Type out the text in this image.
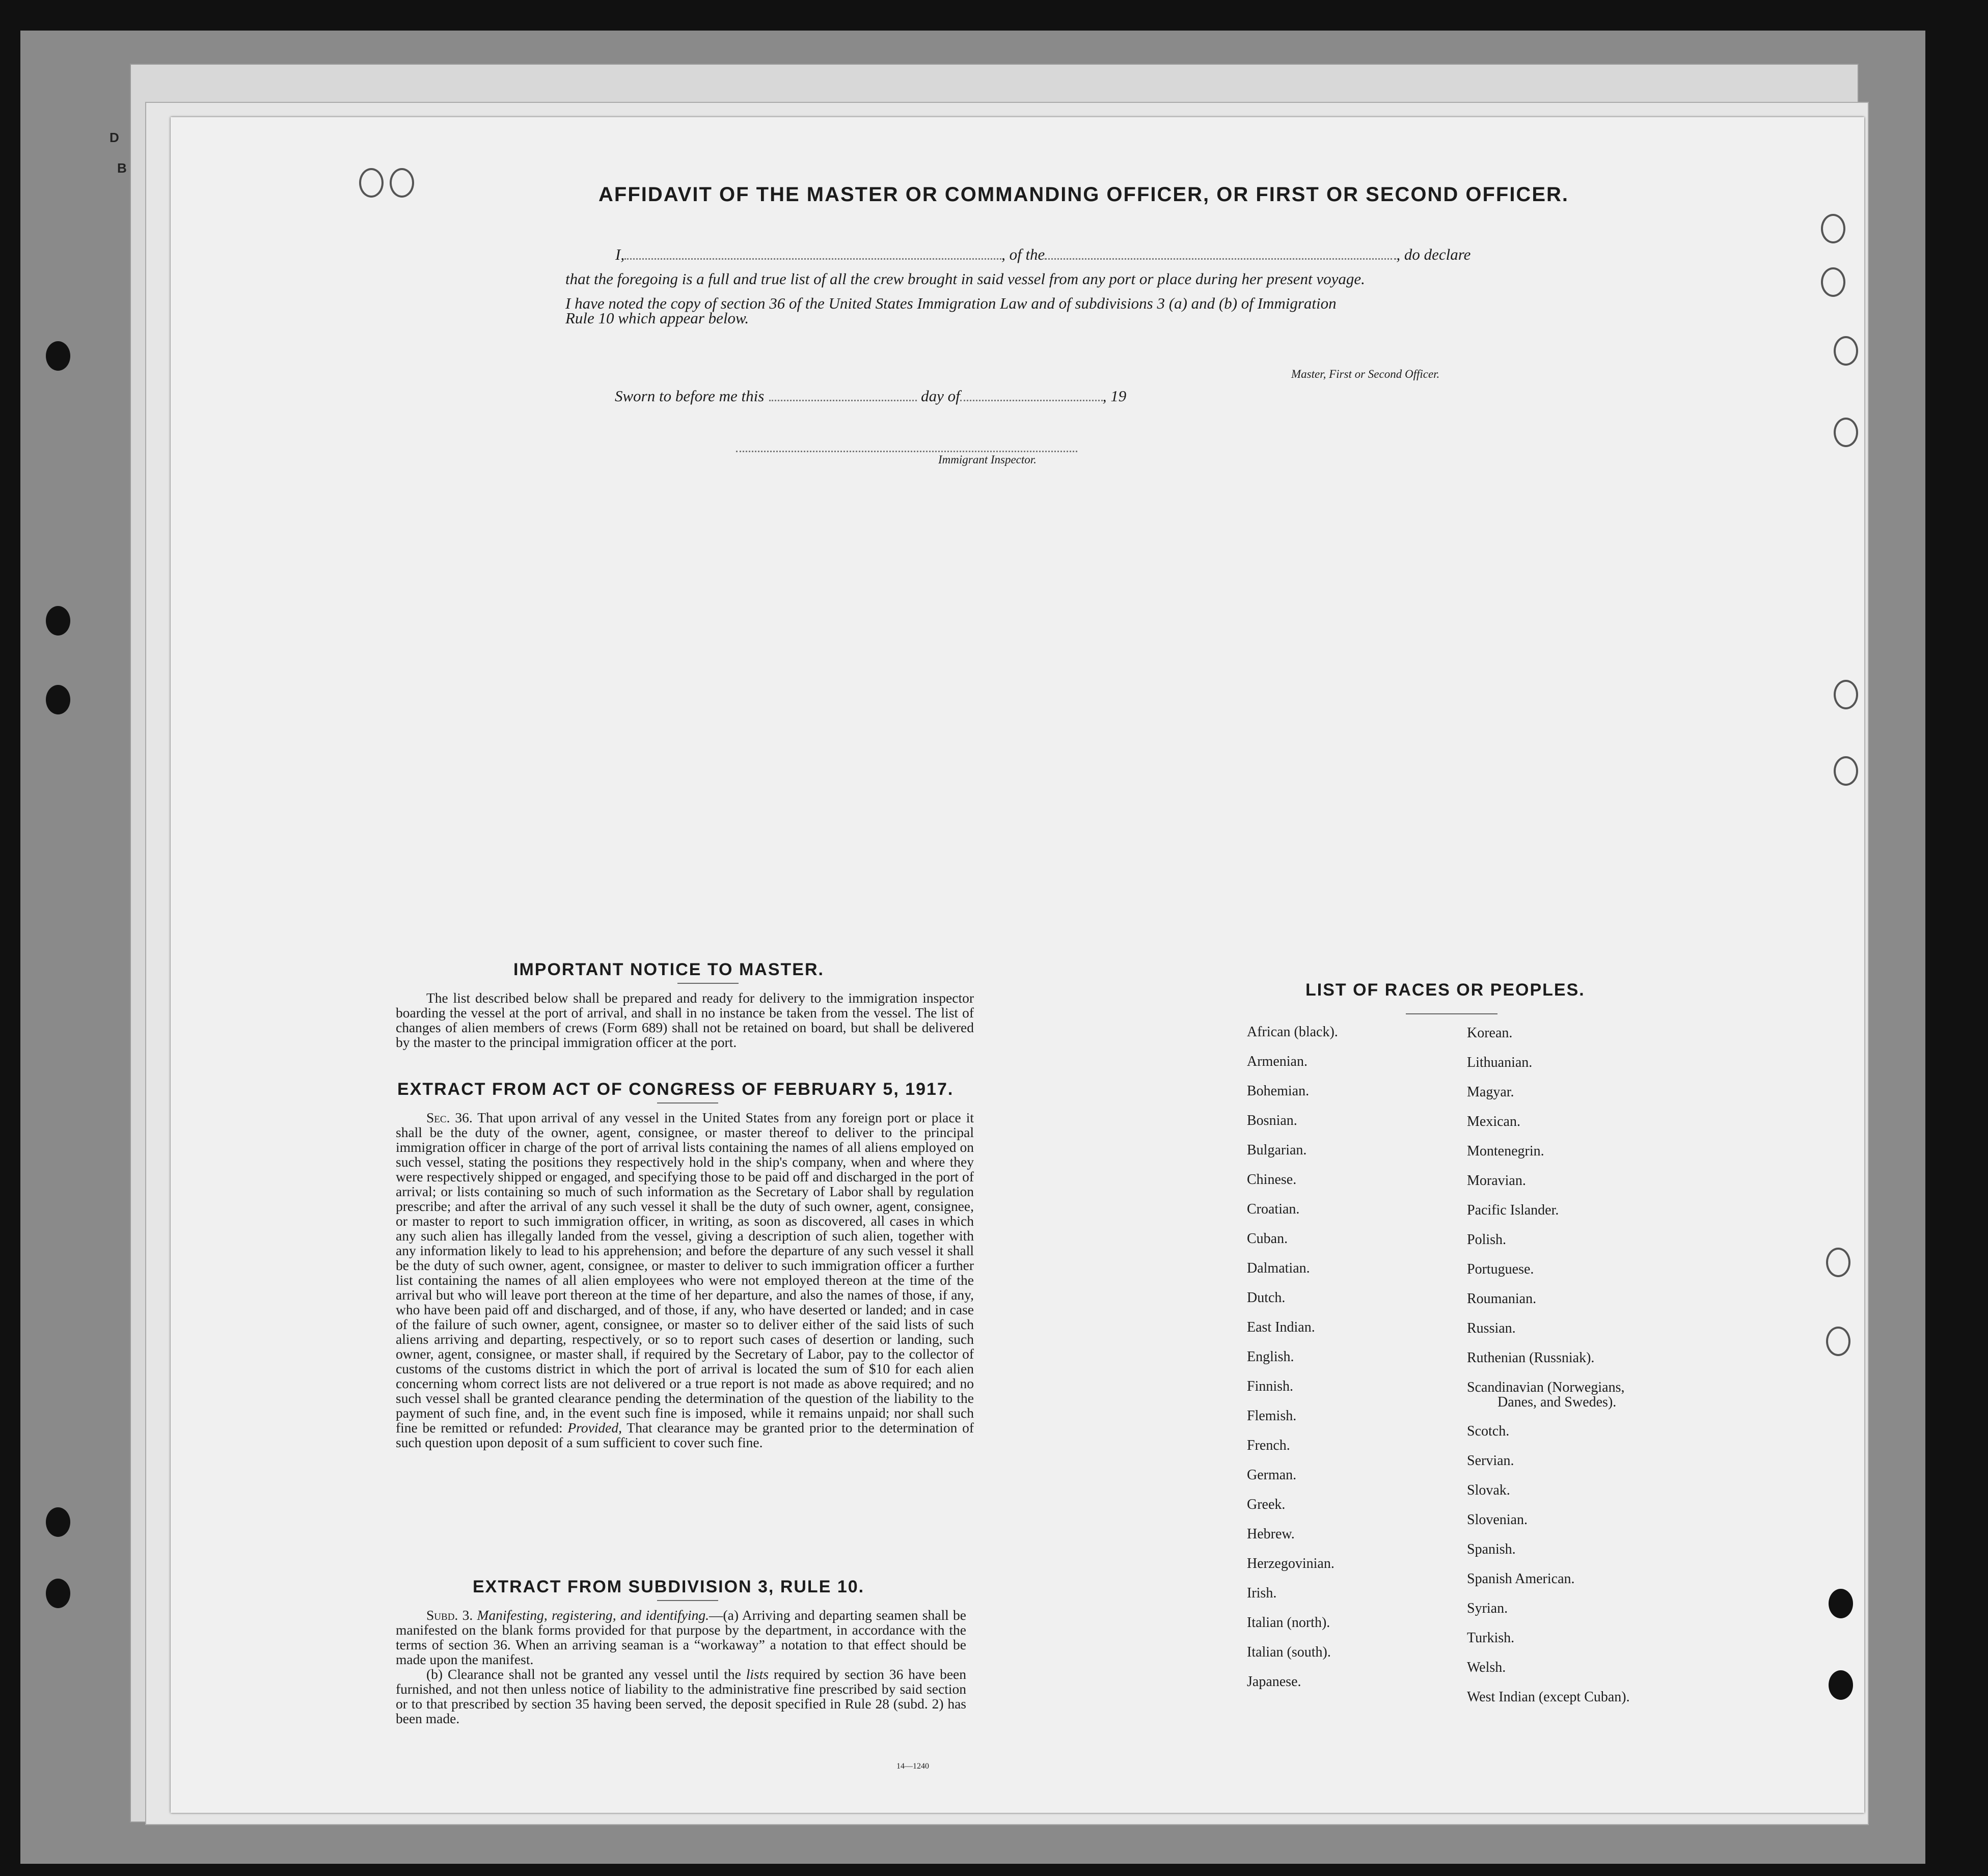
D
B
AFFIDAVIT OF THE MASTER OR COMMANDING OFFICER, OR FIRST OR SECOND OFFICER.
I,	, of the	, do declare
that the foregoing is a full and true list of all the crew brought in said vessel from any port or place during her present voyage.
I have noted the copy of section 36 of the United States Immigration Law and of subdivisions 3 (a) and (b) of Immigration
Rule 10 which appear below.
Master, First or Second Officer.
Sworn to before me this	day of	, 19
Immigrant Inspector.
IMPORTANT NOTICE TO MASTER.

The list described below shall be prepared and ready for delivery to the immigration inspector boarding the vessel at the port of arrival, and shall in no instance be taken from the vessel. The list of changes of alien members of crews (Form 689) shall not be retained on board, but shall be delivered by the master to the principal immigration officer at the port.

EXTRACT FROM ACT OF CONGRESS OF FEBRUARY 5, 1917.

Sec. 36. That upon arrival of any vessel in the United States from any foreign port or place it shall be the duty of the owner, agent, consignee, or master thereof to deliver to the principal immigration officer in charge of the port of arrival lists containing the names of all aliens employed on such vessel, stating the positions they respectively hold in the ship's company, when and where they were respectively shipped or engaged, and specifying those to be paid off and discharged in the port of arrival; or lists containing so much of such information as the Secretary of Labor shall by regulation prescribe; and after the arrival of any such vessel it shall be the duty of such owner, agent, consignee, or master to report to such immigration officer, in writing, as soon as discovered, all cases in which any such alien has illegally landed from the vessel, giving a description of such alien, together with any information likely to lead to his apprehension; and before the departure of any such vessel it shall be the duty of such owner, agent, consignee, or master to deliver to such immigration officer a further list containing the names of all alien employees who were not employed thereon at the time of the arrival but who will leave port thereon at the time of her departure, and also the names of those, if any, who have been paid off and discharged, and of those, if any, who have deserted or landed; and in case of the failure of such owner, agent, consignee, or master so to deliver either of the said lists of such aliens arriving and departing, respectively, or so to report such cases of desertion or landing, such owner, agent, consignee, or master shall, if required by the Secretary of Labor, pay to the collector of customs of the customs district in which the port of arrival is located the sum of $10 for each alien concerning whom correct lists are not delivered or a true report is not made as above required; and no such vessel shall be granted clearance pending the determination of the question of the liability to the payment of such fine, and, in the event such fine is imposed, while it remains unpaid; nor shall such fine be remitted or refunded: Provided, That clearance may be granted prior to the determination of such question upon deposit of a sum sufficient to cover such fine.

EXTRACT FROM SUBDIVISION 3, RULE 10.

Subd. 3. Manifesting, registering, and identifying.—(a) Arriving and departing seamen shall be manifested on the blank forms provided for that purpose by the department, in accordance with the terms of section 36. When an arriving seaman is a “workaway” a notation to that effect should be made upon the manifest.

(b) Clearance shall not be granted any vessel until the lists required by section 36 have been furnished, and not then unless notice of liability to the administrative fine prescribed by said section or to that prescribed by section 35 having been served, the deposit specified in Rule 28 (subd. 2) has been made.

14—1240
LIST OF RACES OR PEOPLES.
African (black).
Armenian.
Bohemian.
Bosnian.
Bulgarian.
Chinese.
Croatian.
Cuban.
Dalmatian.
Dutch.
East Indian.
English.
Finnish.
Flemish.
French.
German.
Greek.
Hebrew.
Herzegovinian.
Irish.
Italian (north).
Italian (south).
Japanese.
Korean.
Lithuanian.
Magyar.
Mexican.
Montenegrin.
Moravian.
Pacific Islander.
Polish.
Portuguese.
Roumanian.
Russian.
Ruthenian (Russniak).
Scandinavian (Norwegians,
Danes, and Swedes).
Scotch.
Servian.
Slovak.
Slovenian.
Spanish.
Spanish American.
Syrian.
Turkish.
Welsh.
West Indian (except Cuban).
